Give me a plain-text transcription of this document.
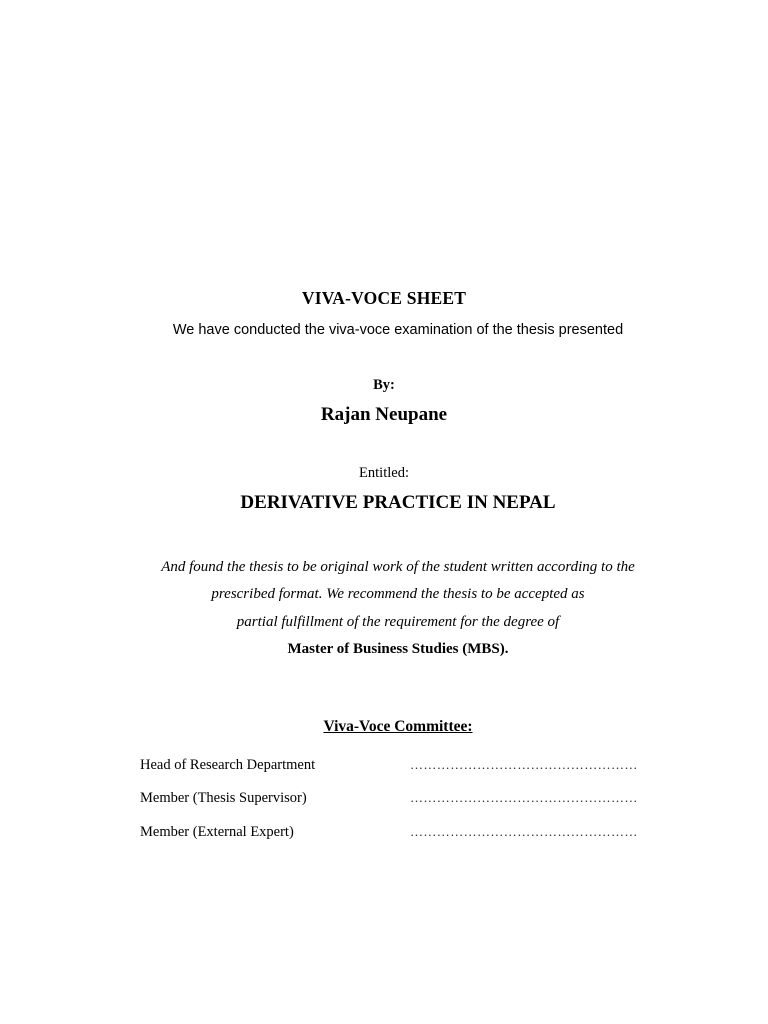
VIVA-VOCE SHEET
We have conducted the viva-voce examination of the thesis presented
By:
Rajan Neupane
Entitled:
DERIVATIVE PRACTICE IN NEPAL
And found the thesis to be original work of the student written according to the
prescribed format. We recommend the thesis to be accepted as
partial fulfillment of the requirement for the degree of
Master of Business Studies (MBS).
Viva-Voce Committee:
Head of Research Department	……………………………………………
Member (Thesis Supervisor)	……………………………………………
Member (External Expert)	……………………………………………
